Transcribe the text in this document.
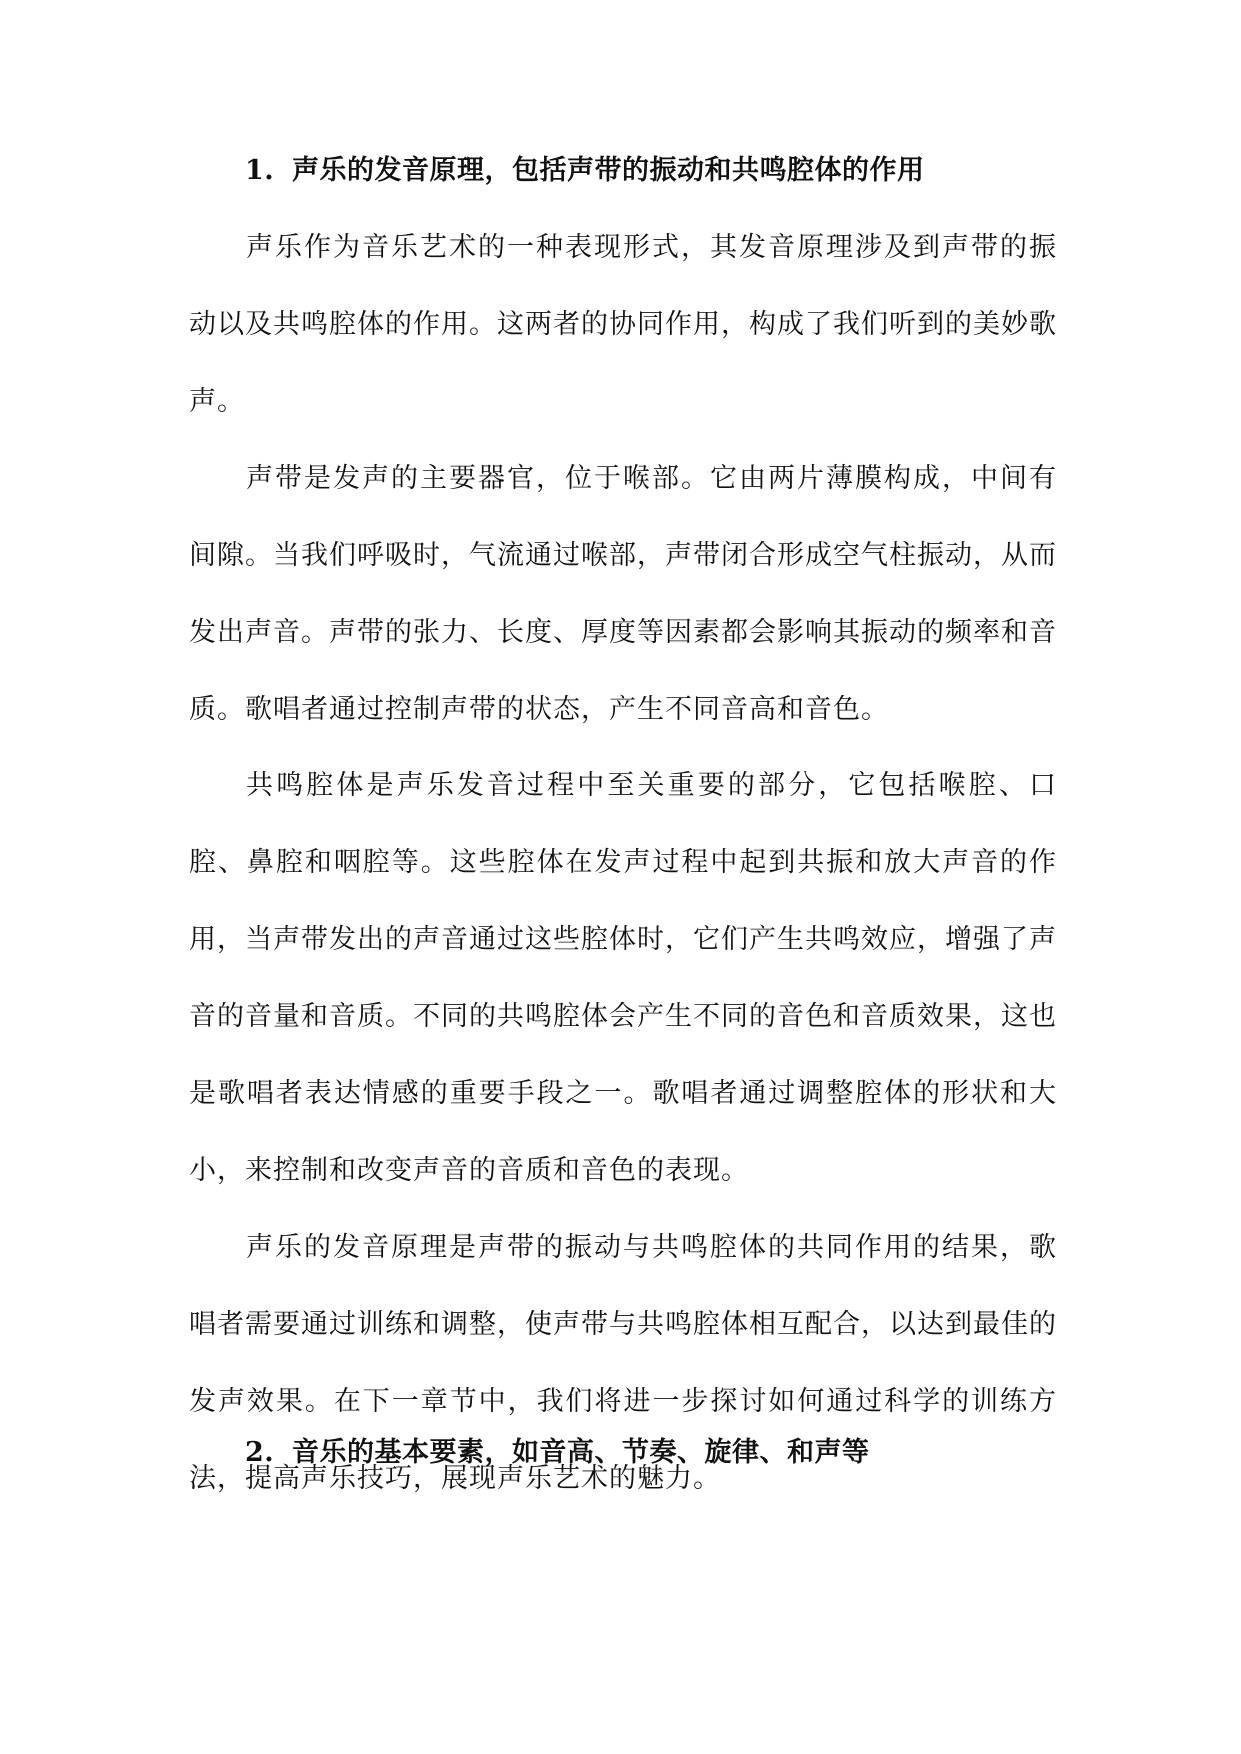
1. 声乐的发音原理，包括声带的振动和共鸣腔体的作用

声乐作为音乐艺术的一种表现形式，其发音原理涉及到声带的振动以及共鸣腔体的作用。这两者的协同作用，构成了我们听到的美妙歌声。

声带是发声的主要器官，位于喉部。它由两片薄膜构成，中间有间隙。当我们呼吸时，气流通过喉部，声带闭合形成空气柱振动，从而发出声音。声带的张力、长度、厚度等因素都会影响其振动的频率和音质。歌唱者通过控制声带的状态，产生不同音高和音色。

共鸣腔体是声乐发音过程中至关重要的部分，它包括喉腔、口腔、鼻腔和咽腔等。这些腔体在发声过程中起到共振和放大声音的作用，当声带发出的声音通过这些腔体时，它们产生共鸣效应，增强了声音的音量和音质。不同的共鸣腔体会产生不同的音色和音质效果，这也是歌唱者表达情感的重要手段之一。歌唱者通过调整腔体的形状和大小，来控制和改变声音的音质和音色的表现。

声乐的发音原理是声带的振动与共鸣腔体的共同作用的结果，歌唱者需要通过训练和调整，使声带与共鸣腔体相互配合，以达到最佳的发声效果。在下一章节中，我们将进一步探讨如何通过科学的训练方法，提高声乐技巧，展现声乐艺术的魅力。

2. 音乐的基本要素，如音高、节奏、旋律、和声等
